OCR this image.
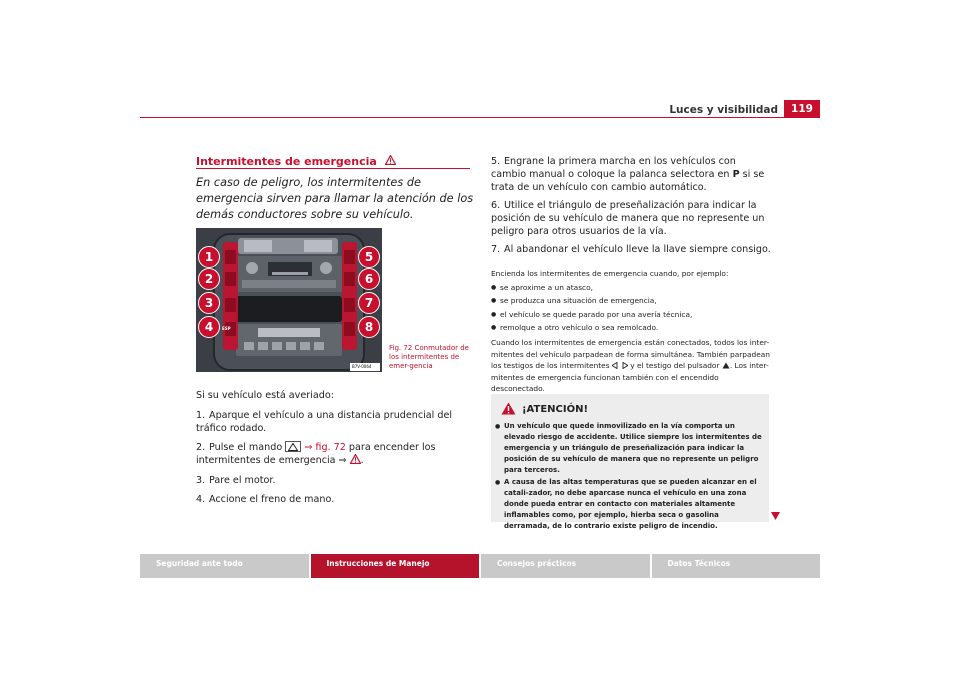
Luces y visibilidad	119
Intermitentes de emergencia
En caso de peligro, los intermitentes de emergencia sirven para llamar la atención de los demás conductores sobre su vehículo.
ESP
B7V-0064
1
2
3
4
5
6
7
8
Fig. 72 Conmutador de los intermitentes de emer-gencia

Si su vehículo está averiado:

1. Aparque el vehículo a una distancia prudencial del tráfico rodado.

2. Pulse el mando ⇒ fig. 72 para encender los intermitentes de emergencia ⇒ .

3. Pare el motor.

4. Accione el freno de mano.

5. Engrane la primera marcha en los vehículos con cambio manual o coloque la palanca selectora en P si se trata de un vehículo con cambio automático.

6. Utilice el triángulo de preseñalización para indicar la posición de su vehículo de manera que no represente un peligro para otros usuarios de la vía.

7. Al abandonar el vehículo lleve la llave siempre consigo.

Encienda los intermitentes de emergencia cuando, por ejemplo:
● se aproxime a un atasco,
● se produzca una situación de emergencia,
● el vehículo se quede parado por una avería técnica,
● remolque a otro vehículo o sea remolcado.
Cuando los intermitentes de emergencia están conectados, todos los inter-mitentes del vehículo parpadean de forma simultánea. También parpadean los testigos de los intermitentes	y el testigo del pulsador . Los inter-mitentes de emergencia funcionan también con el encendido desconectado.
¡ATENCIÓN!
● Un vehículo que quede inmovilizado en la vía comporta un elevado riesgo de accidente. Utilice siempre los intermitentes de emergencia y un triángulo de preseñalización para indicar la posición de su vehículo de manera que no represente un peligro para terceros.
● A causa de las altas temperaturas que se pueden alcanzar en el catali-zador, no debe aparcase nunca el vehículo en una zona donde pueda entrar en contacto con materiales altamente inflamables como, por ejemplo, hierba seca o gasolina derramada, de lo contrario existe peligro de incendio.
Seguridad ante todo	Instrucciones de Manejo	Consejos prácticos	Datos Técnicos
